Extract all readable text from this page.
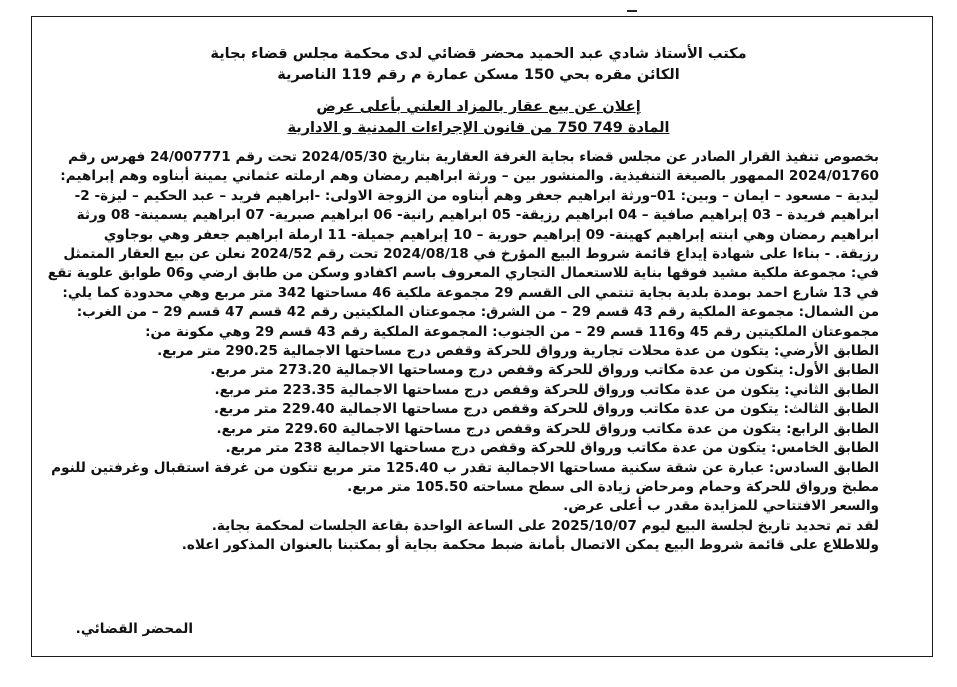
مكتب الأستاذ شادي عبد الحميد محضر قضائي لدى محكمة مجلس قضاء بجاية
الكائن مقره بحي 150 مسكن عمارة م رقم 119 الناصرية
إعلان عن بيع عقار بالمزاد العلني بأعلى عرض
المادة 749 750 من قانون الإجراءات المدنية و الادارية

بخصوص تنفيذ القرار الصادر عن مجلس قضاء بجاية الغرفة العقارية بتاريخ 2024/05/30 تحت رقم 24/007771 فهرس رقم

2024/01760 الممهور بالصيغة التنفيذية. والمنشور بين – ورثة ابراهيم رمضان وهم ارملته عثماني يمينة أبناوه وهم إبراهيم:

ليدية – مسعود – ايمان – وبين: 01–ورثة ابراهيم جعفر وهم أبناوه من الزوجة الاولى: -ابراهيم فريد – عبد الحكيم – ليزة- 2-

ابراهيم فريدة – 03 إبراهيم صافية – 04 ابراهيم رزيقة- 05 ابراهيم رانية- 06 ابراهيم صبرية- 07 ابراهيم يسمينة- 08 ورثة

ابراهيم رمضان وهي ابنته إبراهيم كهينة- 09 إبراهيم حورية – 10 إبراهيم جميلة- 11 ارملة ابراهيم جعفر وهي بوجاوي

رزيقة. - بناءا على شهادة إيداع قائمة شروط البيع المؤرخ في 2024/08/18 تحت رقم 2024/52 نعلن عن بيع العقار المتمثل

في: مجموعة ملكية مشيد فوقها بناية للاستعمال التجاري المعروف باسم اكفادو وسكن من طابق ارضي و06 طوابق علوية تقع

في 13 شارع احمد بومدة بلدية بجاية تنتمي الى القسم 29 مجموعة ملكية 46 مساحتها 342 متر مربع وهي محدودة كما يلي:

من الشمال: مجموعة الملكية رقم 43 قسم 29 – من الشرق: مجموعتان الملكيتين رقم 42 قسم 47 قسم 29 – من الغرب:

مجموعتان الملكيتين رقم 45 و116 قسم 29 – من الجنوب: المجموعة الملكية رقم 43 قسم 29 وهي مكونة من:

الطابق الأرضي: يتكون من عدة محلات تجارية ورواق للحركة وقفص درج مساحتها الاجمالية 290.25 متر مربع.

الطابق الأول: يتكون من عدة مكاتب ورواق للحركة وقفص درج ومساحتها الاجمالية 273.20 متر مربع.

الطابق الثاني: يتكون من عدة مكاتب ورواق للحركة وقفص درج مساحتها الاجمالية 223.35 متر مربع.

الطابق الثالث: يتكون من عدة مكاتب ورواق للحركة وقفص درج مساحتها الاجمالية 229.40 متر مربع.

الطابق الرابع: يتكون من عدة مكاتب ورواق للحركة وقفص درج مساحتها الاجمالية 229.60 متر مربع.

الطابق الخامس: يتكون من عدة مكاتب ورواق للحركة وقفص درج مساحتها الاجمالية 238 متر مربع.

الطابق السادس: عبارة عن شقة سكنية مساحتها الاجمالية تقدر ب 125.40 متر مربع تتكون من غرفة استقبال وغرفتين للنوم

مطبخ ورواق للحركة وحمام ومرحاض زيادة الى سطح مساحته 105.50 متر مربع.

والسعر الافتتاحي للمزايدة مقدر ب أعلى عرض.

لقد تم تحديد تاريخ لجلسة البيع ليوم 2025/10/07 على الساعة الواحدة بقاعة الجلسات لمحكمة بجاية.

وللاطلاع على قائمة شروط البيع يمكن الاتصال بأمانة ضبط محكمة بجاية أو بمكتبنا بالعنوان المذكور اعلاه.

المحضر القضائي.
